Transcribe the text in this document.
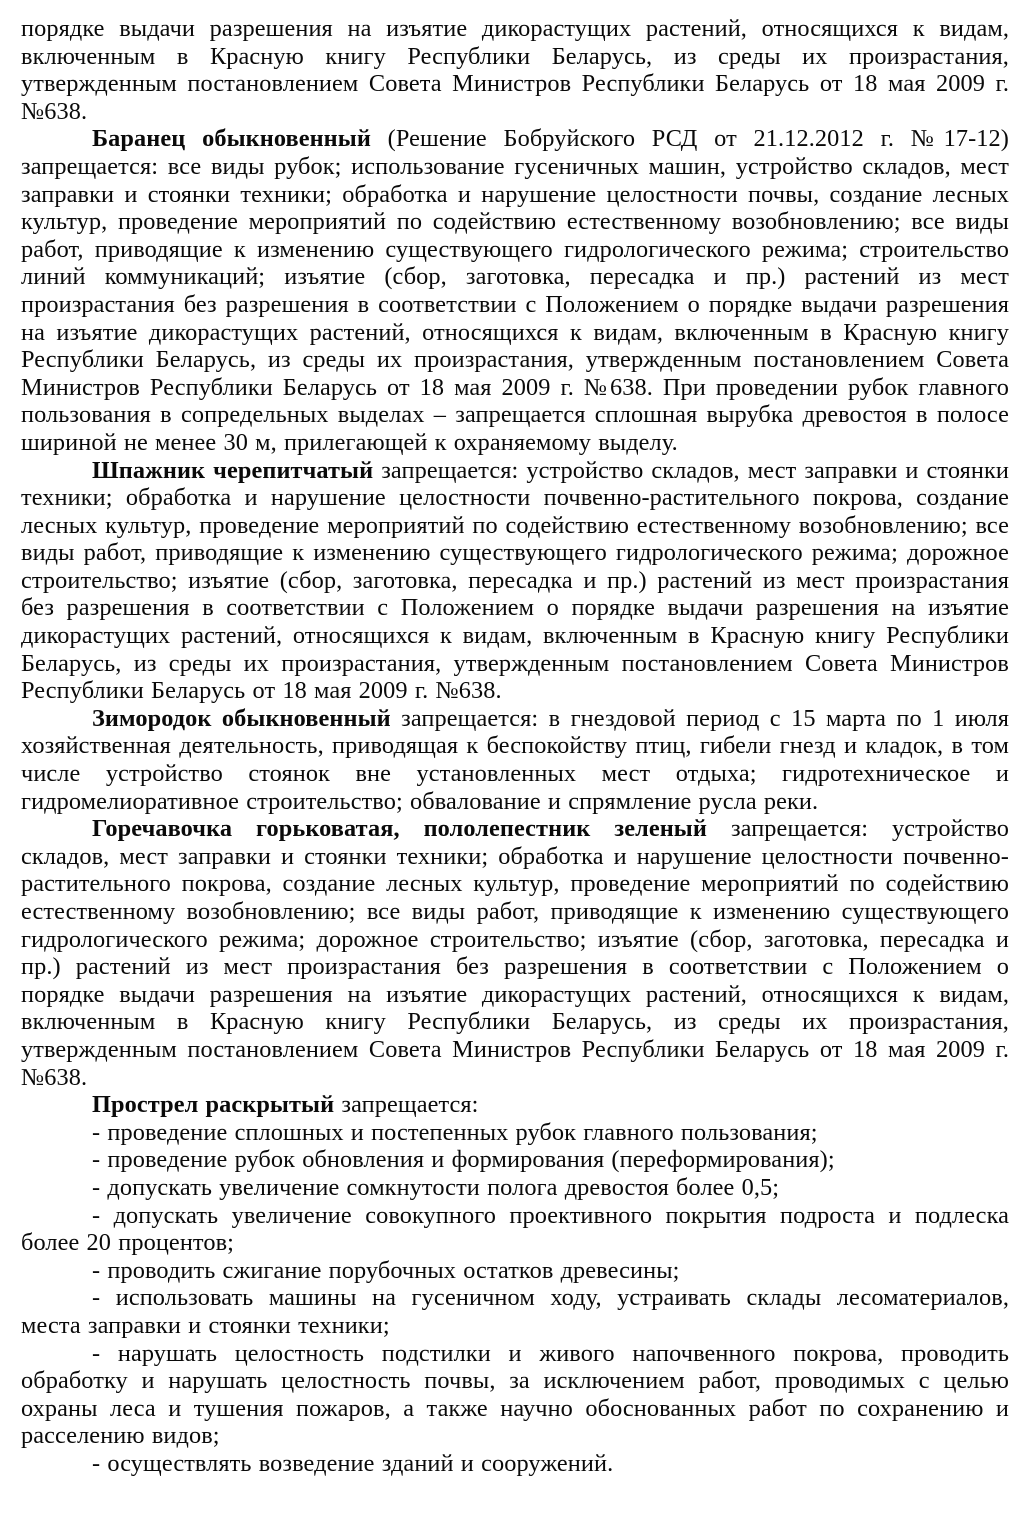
порядке выдачи разрешения на изъятие дикорастущих растений, относящихся к видам, включенным в Красную книгу Республики Беларусь, из среды их произрастания, утвержденным постановлением Совета Министров Республики Беларусь от 18 мая 2009 г. №638.

Баранец обыкновенный (Решение Бобруйского РСД от 21.12.2012 г. №17-12) запрещается: все виды рубок; использование гусеничных машин, устройство складов, мест заправки и стоянки техники; обработка и нарушение целостности почвы, создание лесных культур, проведение мероприятий по содействию естественному возобновлению; все виды работ, приводящие к изменению существующего гидрологического режима; строительство линий коммуникаций; изъятие (сбор, заготовка, пересадка и пр.) растений из мест произрастания без разрешения в соответствии с Положением о порядке выдачи разрешения на изъятие дикорастущих растений, относящихся к видам, включенным в Красную книгу Республики Беларусь, из среды их произрастания, утвержденным постановлением Совета Министров Республики Беларусь от 18 мая 2009 г. №638. При проведении рубок главного пользования в сопредельных выделах – запрещается сплошная вырубка древостоя в полосе шириной не менее 30 м, прилегающей к охраняемому выделу.

Шпажник черепитчатый запрещается: устройство складов, мест заправки и стоянки техники; обработка и нарушение целостности почвенно-растительного покрова, создание лесных культур, проведение мероприятий по содействию естественному возобновлению; все виды работ, приводящие к изменению существующего гидрологического режима; дорожное строительство; изъятие (сбор, заготовка, пересадка и пр.) растений из мест произрастания без разрешения в соответствии с Положением о порядке выдачи разрешения на изъятие дикорастущих растений, относящихся к видам, включенным в Красную книгу Республики Беларусь, из среды их произрастания, утвержденным постановлением Совета Министров Республики Беларусь от 18 мая 2009 г. №638.

Зимородок обыкновенный запрещается: в гнездовой период с 15 марта по 1 июля хозяйственная деятельность, приводящая к беспокойству птиц, гибели гнезд и кладок, в том числе устройство стоянок вне установленных мест отдыха; гидротехническое и гидромелиоративное строительство; обвалование и спрямление русла реки.

Горечавочка горьковатая, пололепестник зеленый запрещается: устройство складов, мест заправки и стоянки техники; обработка и нарушение целостности почвенно-растительного покрова, создание лесных культур, проведение мероприятий по содействию естественному возобновлению; все виды работ, приводящие к изменению существующего гидрологического режима; дорожное строительство; изъятие (сбор, заготовка, пересадка и пр.) растений из мест произрастания без разрешения в соответствии с Положением о порядке выдачи разрешения на изъятие дикорастущих растений, относящихся к видам, включенным в Красную книгу Республики Беларусь, из среды их произрастания, утвержденным постановлением Совета Министров Республики Беларусь от 18 мая 2009 г. №638.

Прострел раскрытый запрещается:

- проведение сплошных и постепенных рубок главного пользования;

- проведение рубок обновления и формирования (переформирования);

- допускать увеличение сомкнутости полога древостоя более 0,5;

- допускать увеличение совокупного проективного покрытия подроста и подлеска более 20 процентов;

- проводить сжигание порубочных остатков древесины;

- использовать машины на гусеничном ходу, устраивать склады лесоматериалов, места заправки и стоянки техники;

- нарушать целостность подстилки и живого напочвенного покрова, проводить обработку и нарушать целостность почвы, за исключением работ, проводимых с целью охраны леса и тушения пожаров, а также научно обоснованных работ по сохранению и расселению видов;

- осуществлять возведение зданий и сооружений.
